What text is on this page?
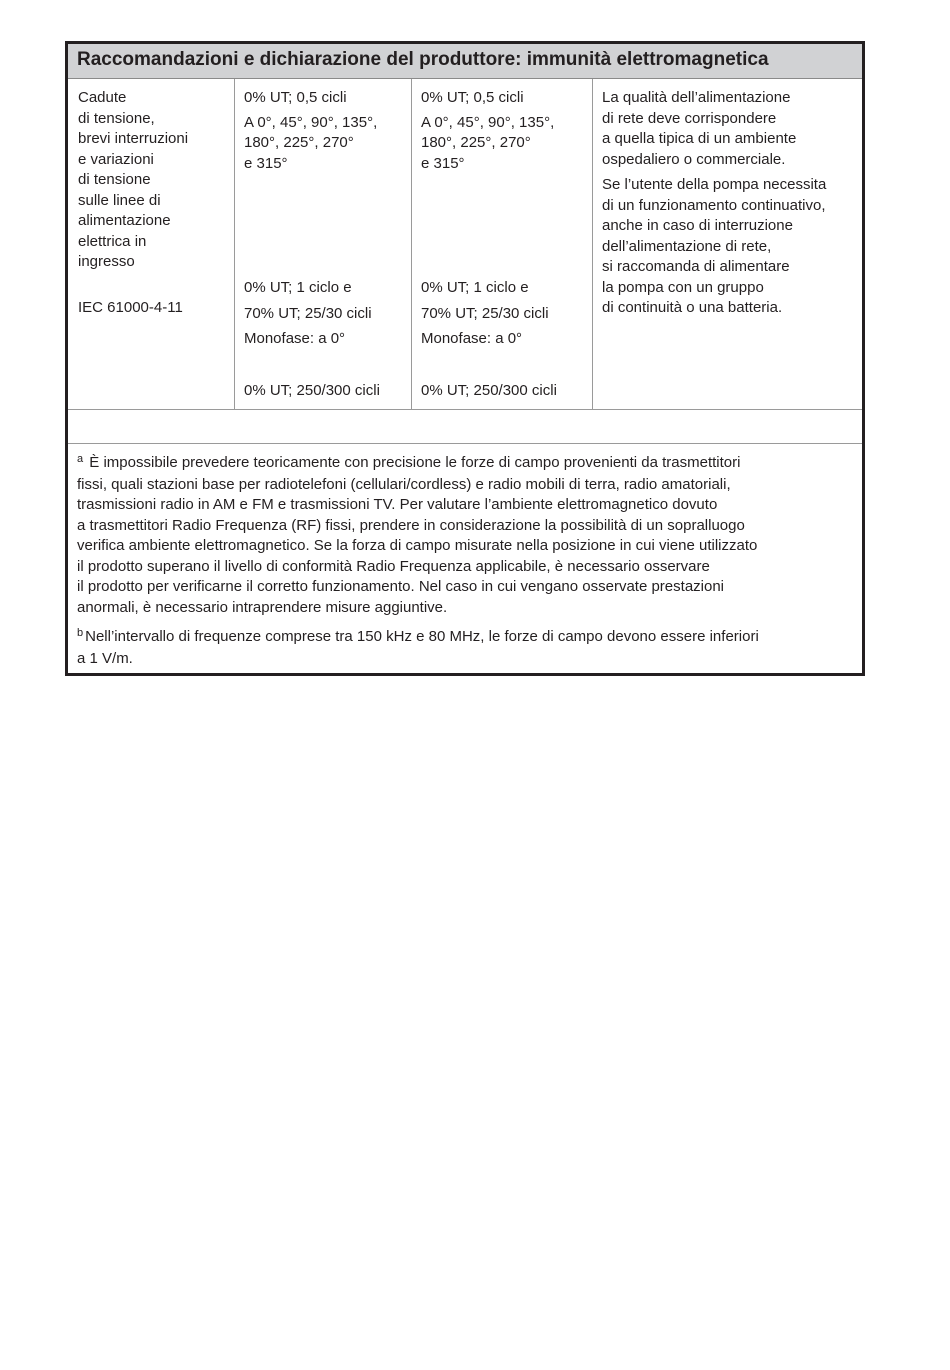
Raccomandazioni e dichiarazione del produttore: immunità elettromagnetica
Cadute
di tensione,
brevi interruzioni
e variazioni
di tensione
sulle linee di
alimentazione
elettrica in
ingresso
IEC 61000-4-11
0% UT; 0,5 cicli
A 0°, 45°, 90°, 135°,
180°, 225°, 270°
e 315°
0% UT; 1 ciclo e
70% UT; 25/30 cicli
Monofase: a 0°
0% UT; 250/300 cicli
0% UT; 0,5 cicli
A 0°, 45°, 90°, 135°,
180°, 225°, 270°
e 315°
0% UT; 1 ciclo e
70% UT; 25/30 cicli
Monofase: a 0°
0% UT; 250/300 cicli
La qualità dell’alimentazione
di rete deve corrispondere
a quella tipica di un ambiente
ospedaliero o commerciale.
Se l’utente della pompa necessita
di un funzionamento continuativo,
anche in caso di interruzione
dell’alimentazione di rete,
si raccomanda di alimentare
la pompa con un gruppo
di continuità o una batteria.
$^a$ È impossibile prevedere teoricamente con precisione le forze di campo provenienti da trasmettitori
fissi, quali stazioni base per radiotelefoni (cellulari/cordless) e radio mobili di terra, radio amatoriali,
trasmissioni radio in AM e FM e trasmissioni TV. Per valutare l’ambiente elettromagnetico dovuto
a trasmettitori Radio Frequenza (RF) fissi, prendere in considerazione la possibilità di un sopralluogo
verifica ambiente elettromagnetico. Se la forza di campo misurate nella posizione in cui viene utilizzato
il prodotto superano il livello di conformità Radio Frequenza applicabile, è necessario osservare
il prodotto per verificarne il corretto funzionamento. Nel caso in cui vengano osservate prestazioni
anormali, è necessario intraprendere misure aggiuntive.
$^b$ Nell’intervallo di frequenze comprese tra 150 kHz e 80 MHz, le forze di campo devono essere inferiori
a 1 V/m.
